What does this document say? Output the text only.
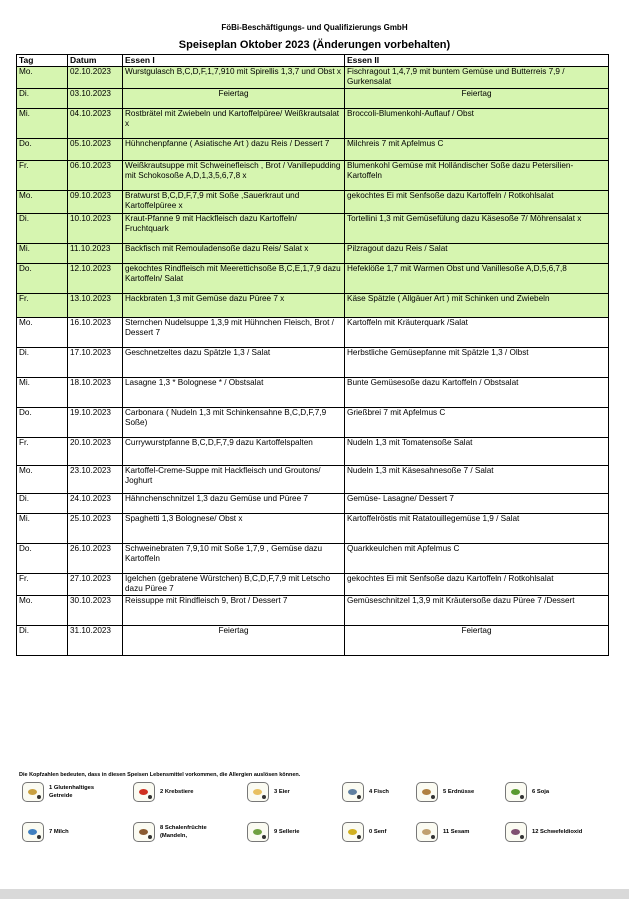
FöBi-Beschäftigungs- und Qualifizierungs GmbH
Speiseplan Oktober 2023 (Änderungen vorbehalten)
Tag	Datum	Essen I	Essen II
Mo.	02.10.2023	Wurstgulasch B,C,D,F,1,7,910 mit Spirellis 1,3,7 und Obst x	Fischragout 1,4,7,9 mit buntem Gemüse und Butterreis 7,9 / Gurkensalat
Di.	03.10.2023	Feiertag	Feiertag
Mi.	04.10.2023	Rostbrätel mit Zwiebeln und Kartoffelpüree/ Weißkrautsalat x	Broccoli-Blumenkohl-Auflauf / Obst
Do.	05.10.2023	Hühnchenpfanne ( Asiatische Art ) dazu Reis / Dessert 7	Milchreis 7 mit Apfelmus C
Fr.	06.10.2023	Weißkrautsuppe mit Schweinefleisch , Brot / Vanillepudding mit Schokosoße A,D,1,3,5,6,7,8 x	Blumenkohl Gemüse mit Holländischer Soße dazu Petersilien-Kartoffeln
Mo.	09.10.2023	Bratwurst B,C,D,F,7,9 mit Soße ,Sauerkraut und Kartoffelpüree x	gekochtes Ei mit Senfsoße dazu Kartoffeln / Rotkohlsalat
Di.	10.10.2023	Kraut-Pfanne 9 mit Hackfleisch dazu Kartoffeln/ Fruchtquark	Tortellini 1,3 mit Gemüsefülung dazu Käsesoße 7/ Möhrensalat x
Mi.	11.10.2023	Backfisch mit Remouladensoße dazu Reis/ Salat x	Pilzragout dazu Reis / Salat
Do.	12.10.2023	gekochtes Rindfleisch mit Meerettichsoße B,C,E,1,7,9 dazu Kartoffeln/ Salat	Hefeklöße 1,7 mit Warmen Obst und Vanillesoße A,D,5,6,7,8
Fr.	13.10.2023	Hackbraten 1,3 mit Gemüse dazu Püree 7 x	Käse Spätzle ( Allgäuer Art ) mit Schinken und Zwiebeln
Mo.	16.10.2023	Sternchen Nudelsuppe 1,3,9 mit Hühnchen Fleisch, Brot / Dessert 7	Kartoffeln mit Kräuterquark /Salat
Di.	17.10.2023	Geschnetzeltes dazu Spätzle 1,3 / Salat	Herbstliche Gemüsepfanne mit Spätzle 1,3 / Olbst
Mi.	18.10.2023	Lasagne 1,3 * Bolognese * / Obstsalat	Bunte Gemüsesoße dazu Kartoffeln / Obstsalat
Do.	19.10.2023	Carbonara ( Nudeln 1,3 mit Schinkensahne B,C,D,F,7,9 Soße)	Grießbrei 7 mit Apfelmus C
Fr.	20.10.2023	Currywurstpfanne B,C,D,F,7,9 dazu Kartoffelspalten	Nudeln 1,3 mit Tomatensoße Salat
Mo.	23.10.2023	Kartoffel-Creme-Suppe mit Hackfleisch und Groutons/ Joghurt	Nudeln 1,3 mit Käsesahnesoße 7 / Salat
Di.	24.10.2023	Hähnchenschnitzel 1,3 dazu Gemüse und Püree 7	Gemüse- Lasagne/ Dessert 7
Mi.	25.10.2023	Spaghetti 1,3 Bolognese/ Obst x	Kartoffelröstis mit Ratatouillegemüse 1,9 / Salat
Do.	26.10.2023	Schweinebraten 7,9,10 mit Soße 1,7,9 , Gemüse dazu Kartoffeln	Quarkkeulchen mit Apfelmus C
Fr.	27.10.2023	Igelchen (gebratene Würstchen) B,C,D,F,7,9 mit Letscho dazu Püree 7	gekochtes Ei mit Senfsoße dazu Kartoffeln / Rotkohlsalat
Mo.	30.10.2023	Reissuppe mit Rindfleisch 9, Brot / Dessert 7	Gemüseschnitzel 1,3,9 mit Kräutersoße dazu Püree 7 /Dessert
Di.	31.10.2023	Feiertag	Feiertag
Die Kopfzahlen bedeuten, dass in diesen Speisen Lebensmittel vorkommen, die Allergien auslösen können.
1 Glutenhaltiges Getreide
2 Krebstiere	3 Eier	4 Fisch	5 Erdnüsse	6 Soja
7 Milch
8 Schalenfrüchte (Mandeln,
9 Sellerie	0 Senf	11 Sesam	12 Schwefeldioxid
